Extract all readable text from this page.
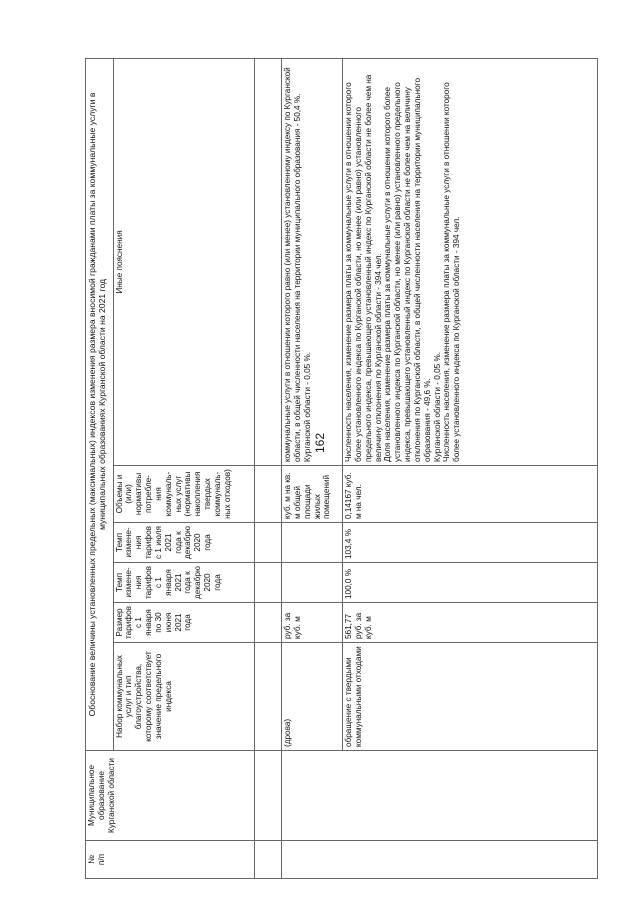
162
№
п/п	Муниципальное образование Курганской области	Обоснование величины установленных предельных (максимальных) индексов изменения размера вносимой гражданами платы за коммунальные услуги в муниципальных образованиях Курганской области на 2021 год					
		Набор коммунальных услуг и тип благоустройства, которому соответствует значение предельного индекса	Размер тарифов с 1 января по 30 июня 2021 года	Темп измене-ния тарифов с 1 января 2021 года к декабрю 2020 года	Темп измене-ния тарифов с 1 июля 2021 года к декабрю 2020 года	Объемы и (или) нормативы потребле-ния коммуналь-ных услуг (нормативы накопления твердых коммуналь-ных отходов)	Иные пояснения

		(дрова)	руб. за куб. м			куб. м на кв. м общей площади жилых помещений	коммунальные услуги в отношении которого равно (или менее) установленному индексу по Курганской области, в общей численности населения на территории муниципального образования - 50,4 %. Курганской области - 0,05 %.
		обращение с твердыми коммунальными отходами	561,77 руб. за куб. м	100,0 %	103,4 %	0,14167 куб. м на чел.	Численность населения, изменение размера платы за коммунальные услуги в отношении которого более установленного индекса по Курганской области, но менее (или равно) установленного предельного индекса, превышающего установленный индекс по Курганской области не более чем на величину отклонения по Курганской области - 394 чел.
Доля населения, изменение размера платы за коммунальные услуги в отношении которого более установленного индекса по Курганской области, но менее (или равно) установленного предельного индекса, превышающего установленный индекс по Курганской области не более чем на величину отклонения по Курганской области, в общей численности населения на территории муниципального образования - 49,6 %.
Курганской области - 0,05 %.
Численность населения, изменение размера платы за коммунальные услуги в отношении которого более установленного индекса по Курганской области - 394 чел.
